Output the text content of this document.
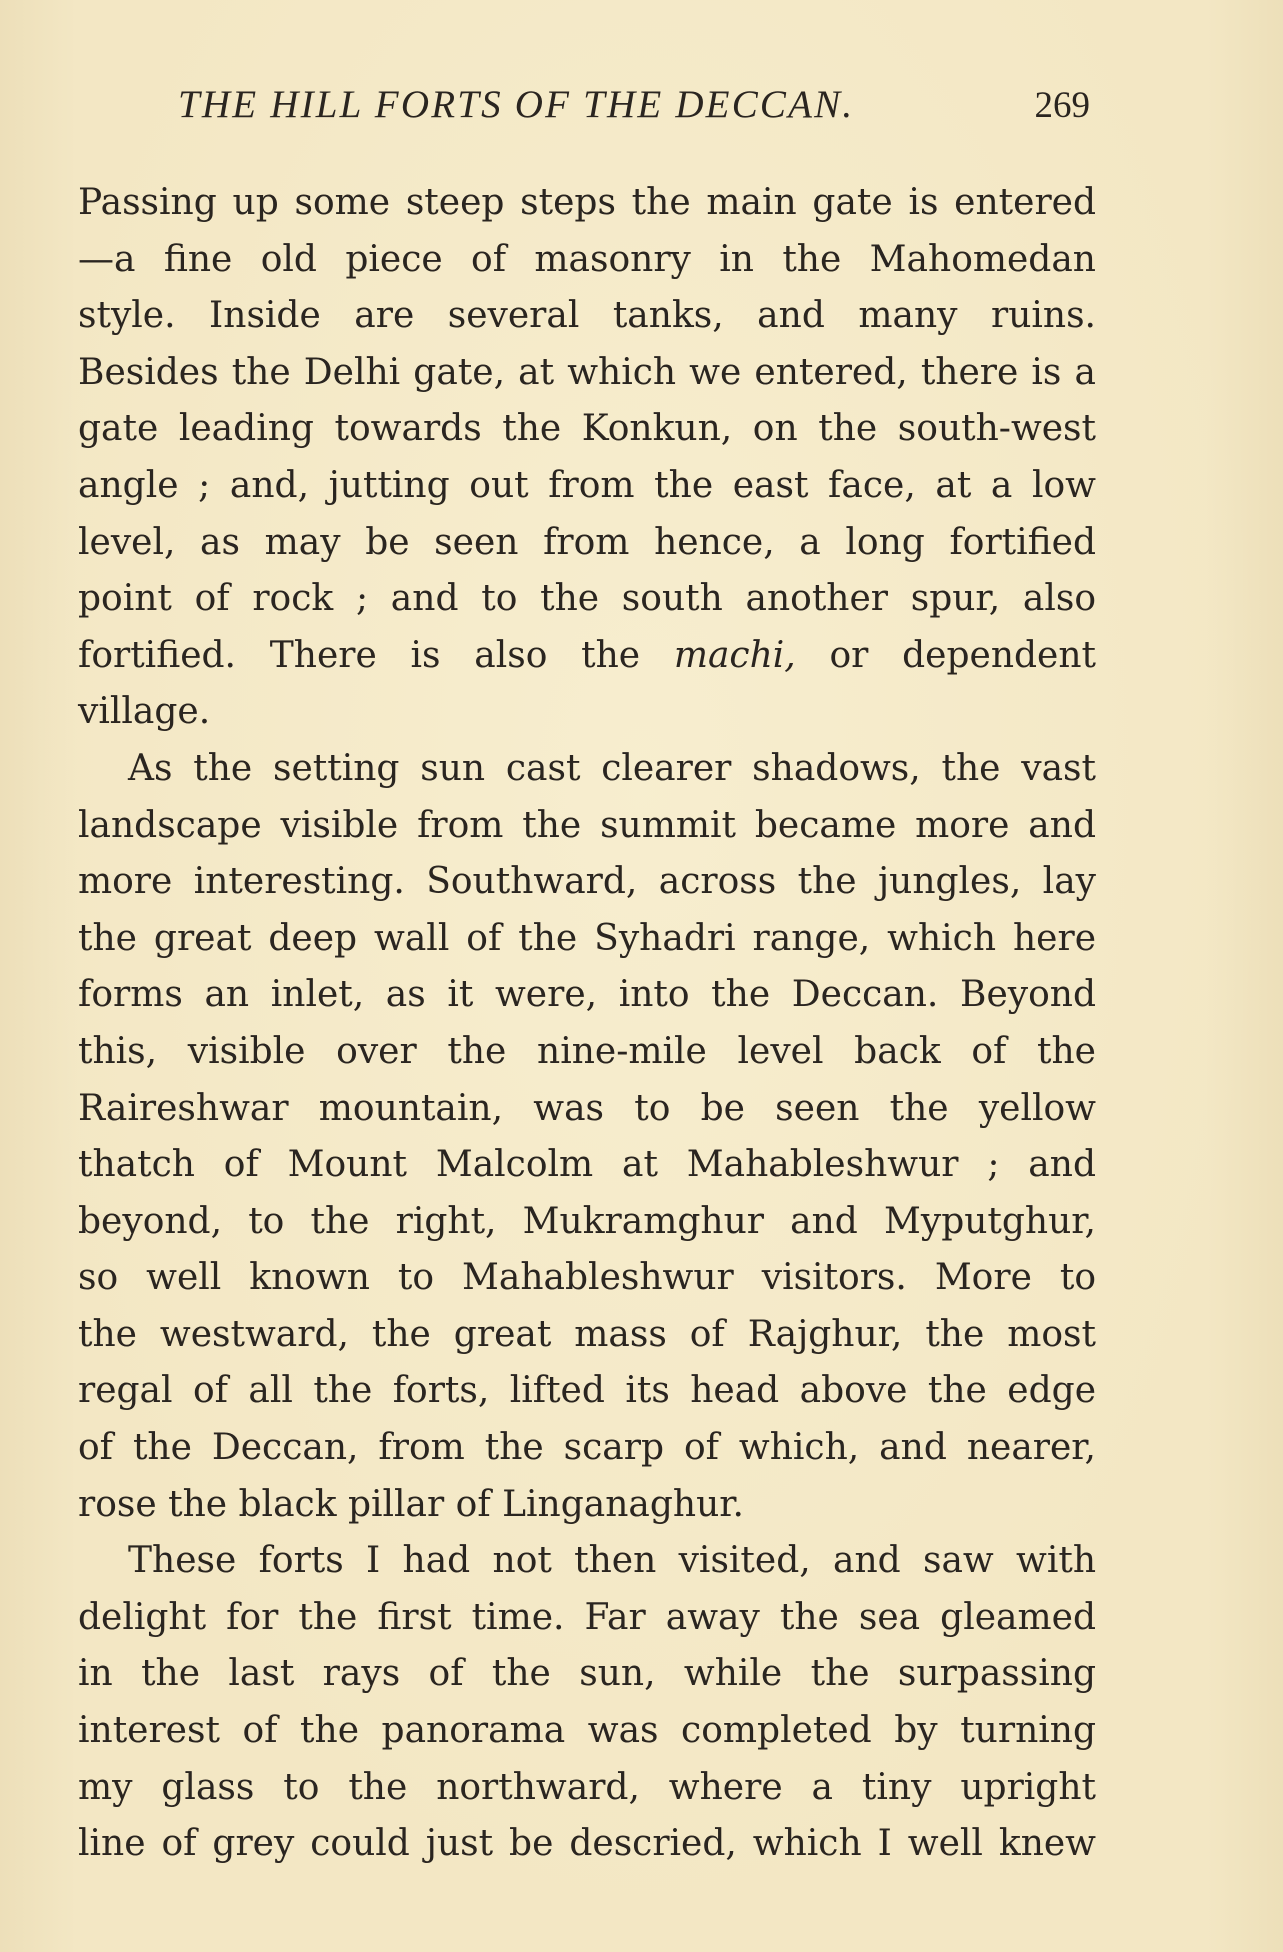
THE HILL FORTS OF THE DECCAN.	269
Passing up some steep steps the main gate is entered
—a fine old piece of masonry in the Mahomedan
style. Inside are several tanks, and many ruins.
Besides the Delhi gate, at which we entered, there is a
gate leading towards the Konkun, on the south-west
angle ; and, jutting out from the east face, at a low
level, as may be seen from hence, a long fortified
point of rock ; and to the south another spur, also
fortified. There is also the machi, or dependent
village.
As the setting sun cast clearer shadows, the vast
landscape visible from the summit became more and
more interesting. Southward, across the jungles, lay
the great deep wall of the Syhadri range, which here
forms an inlet, as it were, into the Deccan. Beyond
this, visible over the nine-mile level back of the
Raireshwar mountain, was to be seen the yellow
thatch of Mount Malcolm at Mahableshwur ; and
beyond, to the right, Mukramghur and Myputghur,
so well known to Mahableshwur visitors. More to
the westward, the great mass of Rajghur, the most
regal of all the forts, lifted its head above the edge
of the Deccan, from the scarp of which, and nearer,
rose the black pillar of Linganaghur.
These forts I had not then visited, and saw with
delight for the first time. Far away the sea gleamed
in the last rays of the sun, while the surpassing
interest of the panorama was completed by turning
my glass to the northward, where a tiny upright
line of grey could just be descried, which I well knew
